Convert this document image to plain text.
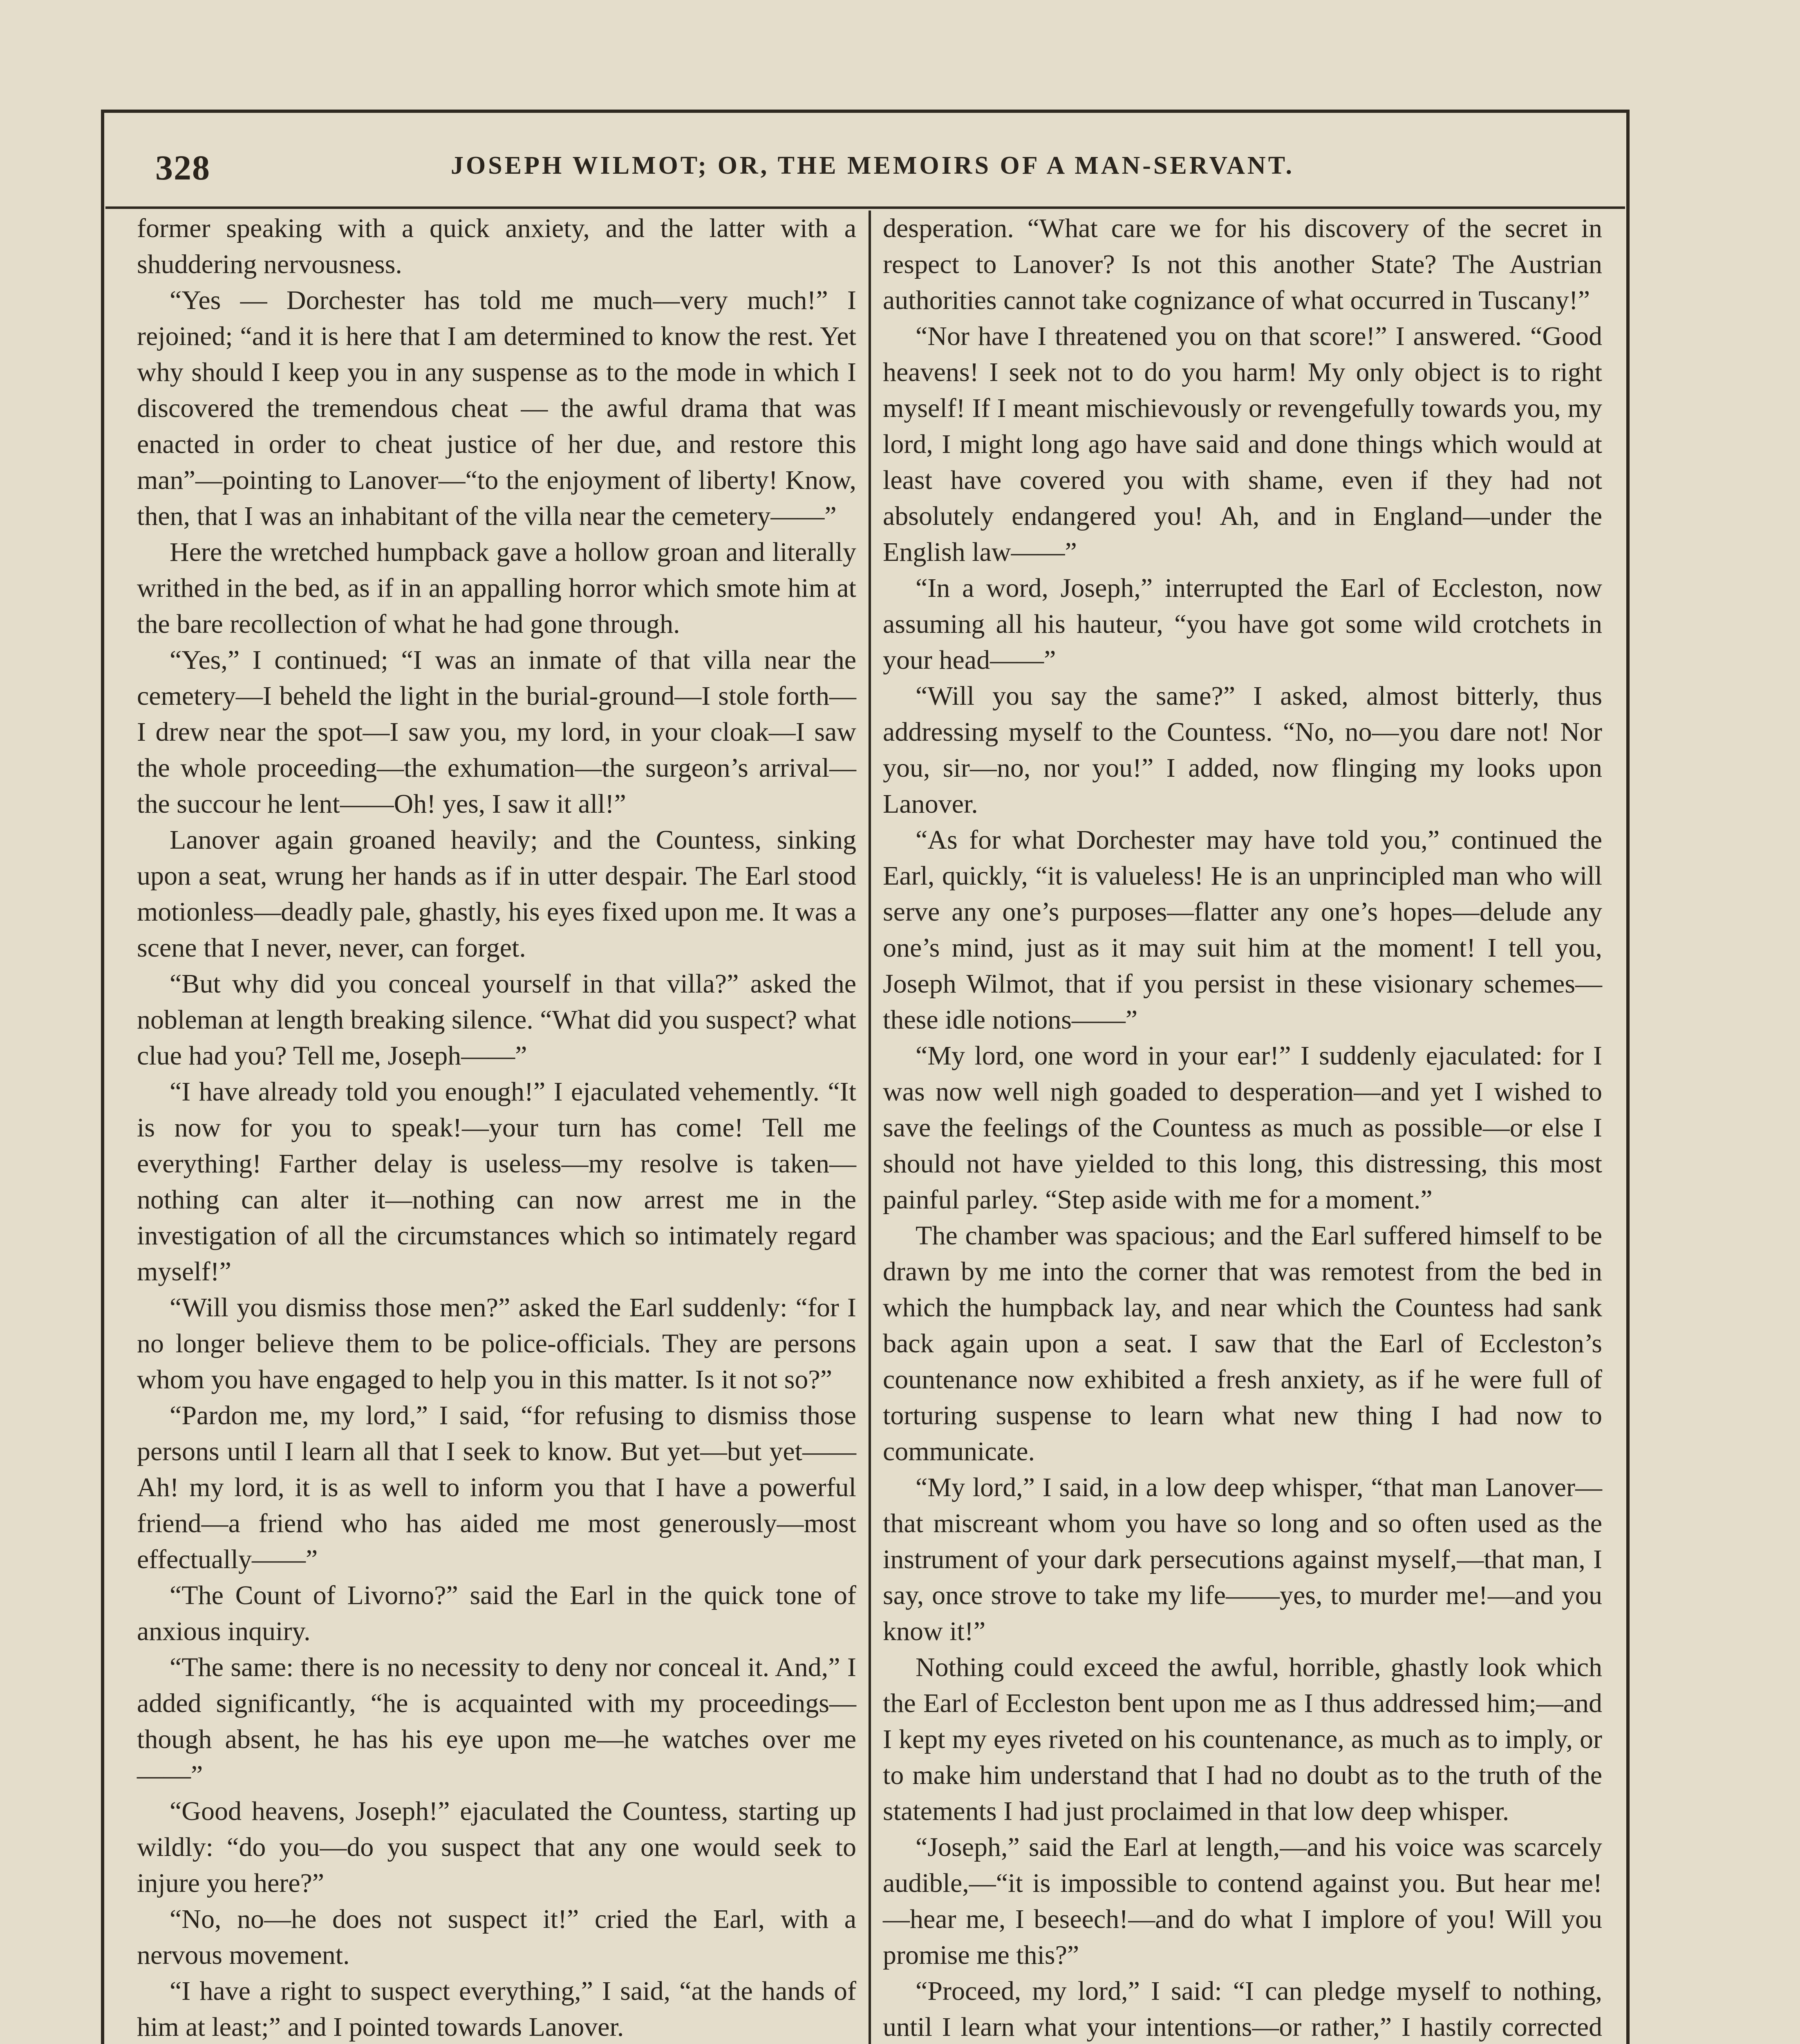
328	JOSEPH WILMOT; OR, THE MEMOIRS OF A MAN-SERVANT.

former speaking with a quick anxiety, and the latter with a shuddering nervousness.

“Yes — Dorchester has told me much—very much!” I rejoined; “and it is here that I am determined to know the rest. Yet why should I keep you in any suspense as to the mode in which I discovered the tremendous cheat — the awful drama that was enacted in order to cheat justice of her due, and restore this man”—pointing to Lanover—“to the enjoyment of liberty! Know, then, that I was an inhabitant of the villa near the cemetery——”

Here the wretched humpback gave a hollow groan and literally writhed in the bed, as if in an appalling horror which smote him at the bare recollection of what he had gone through.

“Yes,” I continued; “I was an inmate of that villa near the cemetery—I beheld the light in the burial-ground—I stole forth—I drew near the spot—I saw you, my lord, in your cloak—I saw the whole proceeding—the exhumation—the surgeon’s arrival—the succour he lent——Oh! yes, I saw it all!”

Lanover again groaned heavily; and the Countess, sinking upon a seat, wrung her hands as if in utter despair. The Earl stood motionless—deadly pale, ghastly, his eyes fixed upon me. It was a scene that I never, never, can forget.

“But why did you conceal yourself in that villa?” asked the nobleman at length breaking silence. “What did you suspect? what clue had you? Tell me, Joseph——”

“I have already told you enough!” I ejaculated vehemently. “It is now for you to speak!—your turn has come! Tell me everything! Farther delay is useless—my resolve is taken—nothing can alter it—nothing can now arrest me in the investigation of all the circumstances which so intimately regard myself!”

“Will you dismiss those men?” asked the Earl suddenly: “for I no longer believe them to be police-officials. They are persons whom you have engaged to help you in this matter. Is it not so?”

“Pardon me, my lord,” I said, “for refusing to dismiss those persons until I learn all that I seek to know. But yet—but yet——Ah! my lord, it is as well to inform you that I have a powerful friend—a friend who has aided me most generously—most effectually——”

“The Count of Livorno?” said the Earl in the quick tone of anxious inquiry.

“The same: there is no necessity to deny nor conceal it. And,” I added significantly, “he is acquainted with my proceedings—though absent, he has his eye upon me—he watches over me——”

“Good heavens, Joseph!” ejaculated the Countess, starting up wildly: “do you—do you suspect that any one would seek to injure you here?”

“No, no—he does not suspect it!” cried the Earl, with a nervous movement.

“I have a right to suspect everything,” I said, “at the hands of him at least;” and I pointed towards Lanover.

desperation. “What care we for his discovery of the secret in respect to Lanover? Is not this another State? The Austrian authorities cannot take cognizance of what occurred in Tuscany!”

“Nor have I threatened you on that score!” I answered. “Good heavens! I seek not to do you harm! My only object is to right myself! If I meant mischievously or revengefully towards you, my lord, I might long ago have said and done things which would at least have covered you with shame, even if they had not absolutely endangered you! Ah, and in England—under the English law——”

“In a word, Joseph,” interrupted the Earl of Eccleston, now assuming all his hauteur, “you have got some wild crotchets in your head——”

“Will you say the same?” I asked, almost bitterly, thus addressing myself to the Countess. “No, no—you dare not! Nor you, sir—no, nor you!” I added, now flinging my looks upon Lanover.

“As for what Dorchester may have told you,” continued the Earl, quickly, “it is valueless! He is an unprincipled man who will serve any one’s purposes—flatter any one’s hopes—delude any one’s mind, just as it may suit him at the moment! I tell you, Joseph Wilmot, that if you persist in these visionary schemes—these idle notions——”

“My lord, one word in your ear!” I suddenly ejaculated: for I was now well nigh goaded to desperation—and yet I wished to save the feelings of the Countess as much as possible—or else I should not have yielded to this long, this distressing, this most painful parley. “Step aside with me for a moment.”

The chamber was spacious; and the Earl suffered himself to be drawn by me into the corner that was remotest from the bed in which the humpback lay, and near which the Countess had sank back again upon a seat. I saw that the Earl of Eccleston’s countenance now exhibited a fresh anxiety, as if he were full of torturing suspense to learn what new thing I had now to communicate.

“My lord,” I said, in a low deep whisper, “that man Lanover—that miscreant whom you have so long and so often used as the instrument of your dark persecutions against myself,—that man, I say, once strove to take my life——yes, to murder me!—and you know it!”

Nothing could exceed the awful, horrible, ghastly look which the Earl of Eccleston bent upon me as I thus addressed him;—and I kept my eyes riveted on his countenance, as much as to imply, or to make him understand that I had no doubt as to the truth of the statements I had just proclaimed in that low deep whisper.

“Joseph,” said the Earl at length,—and his voice was scarcely audible,—“it is impossible to contend against you. But hear me!—hear me, I beseech!—and do what I implore of you! Will you promise me this?”

“Proceed, my lord,” I said: “I can pledge myself to nothing, until I learn what your intentions—or rather,” I hastily corrected
